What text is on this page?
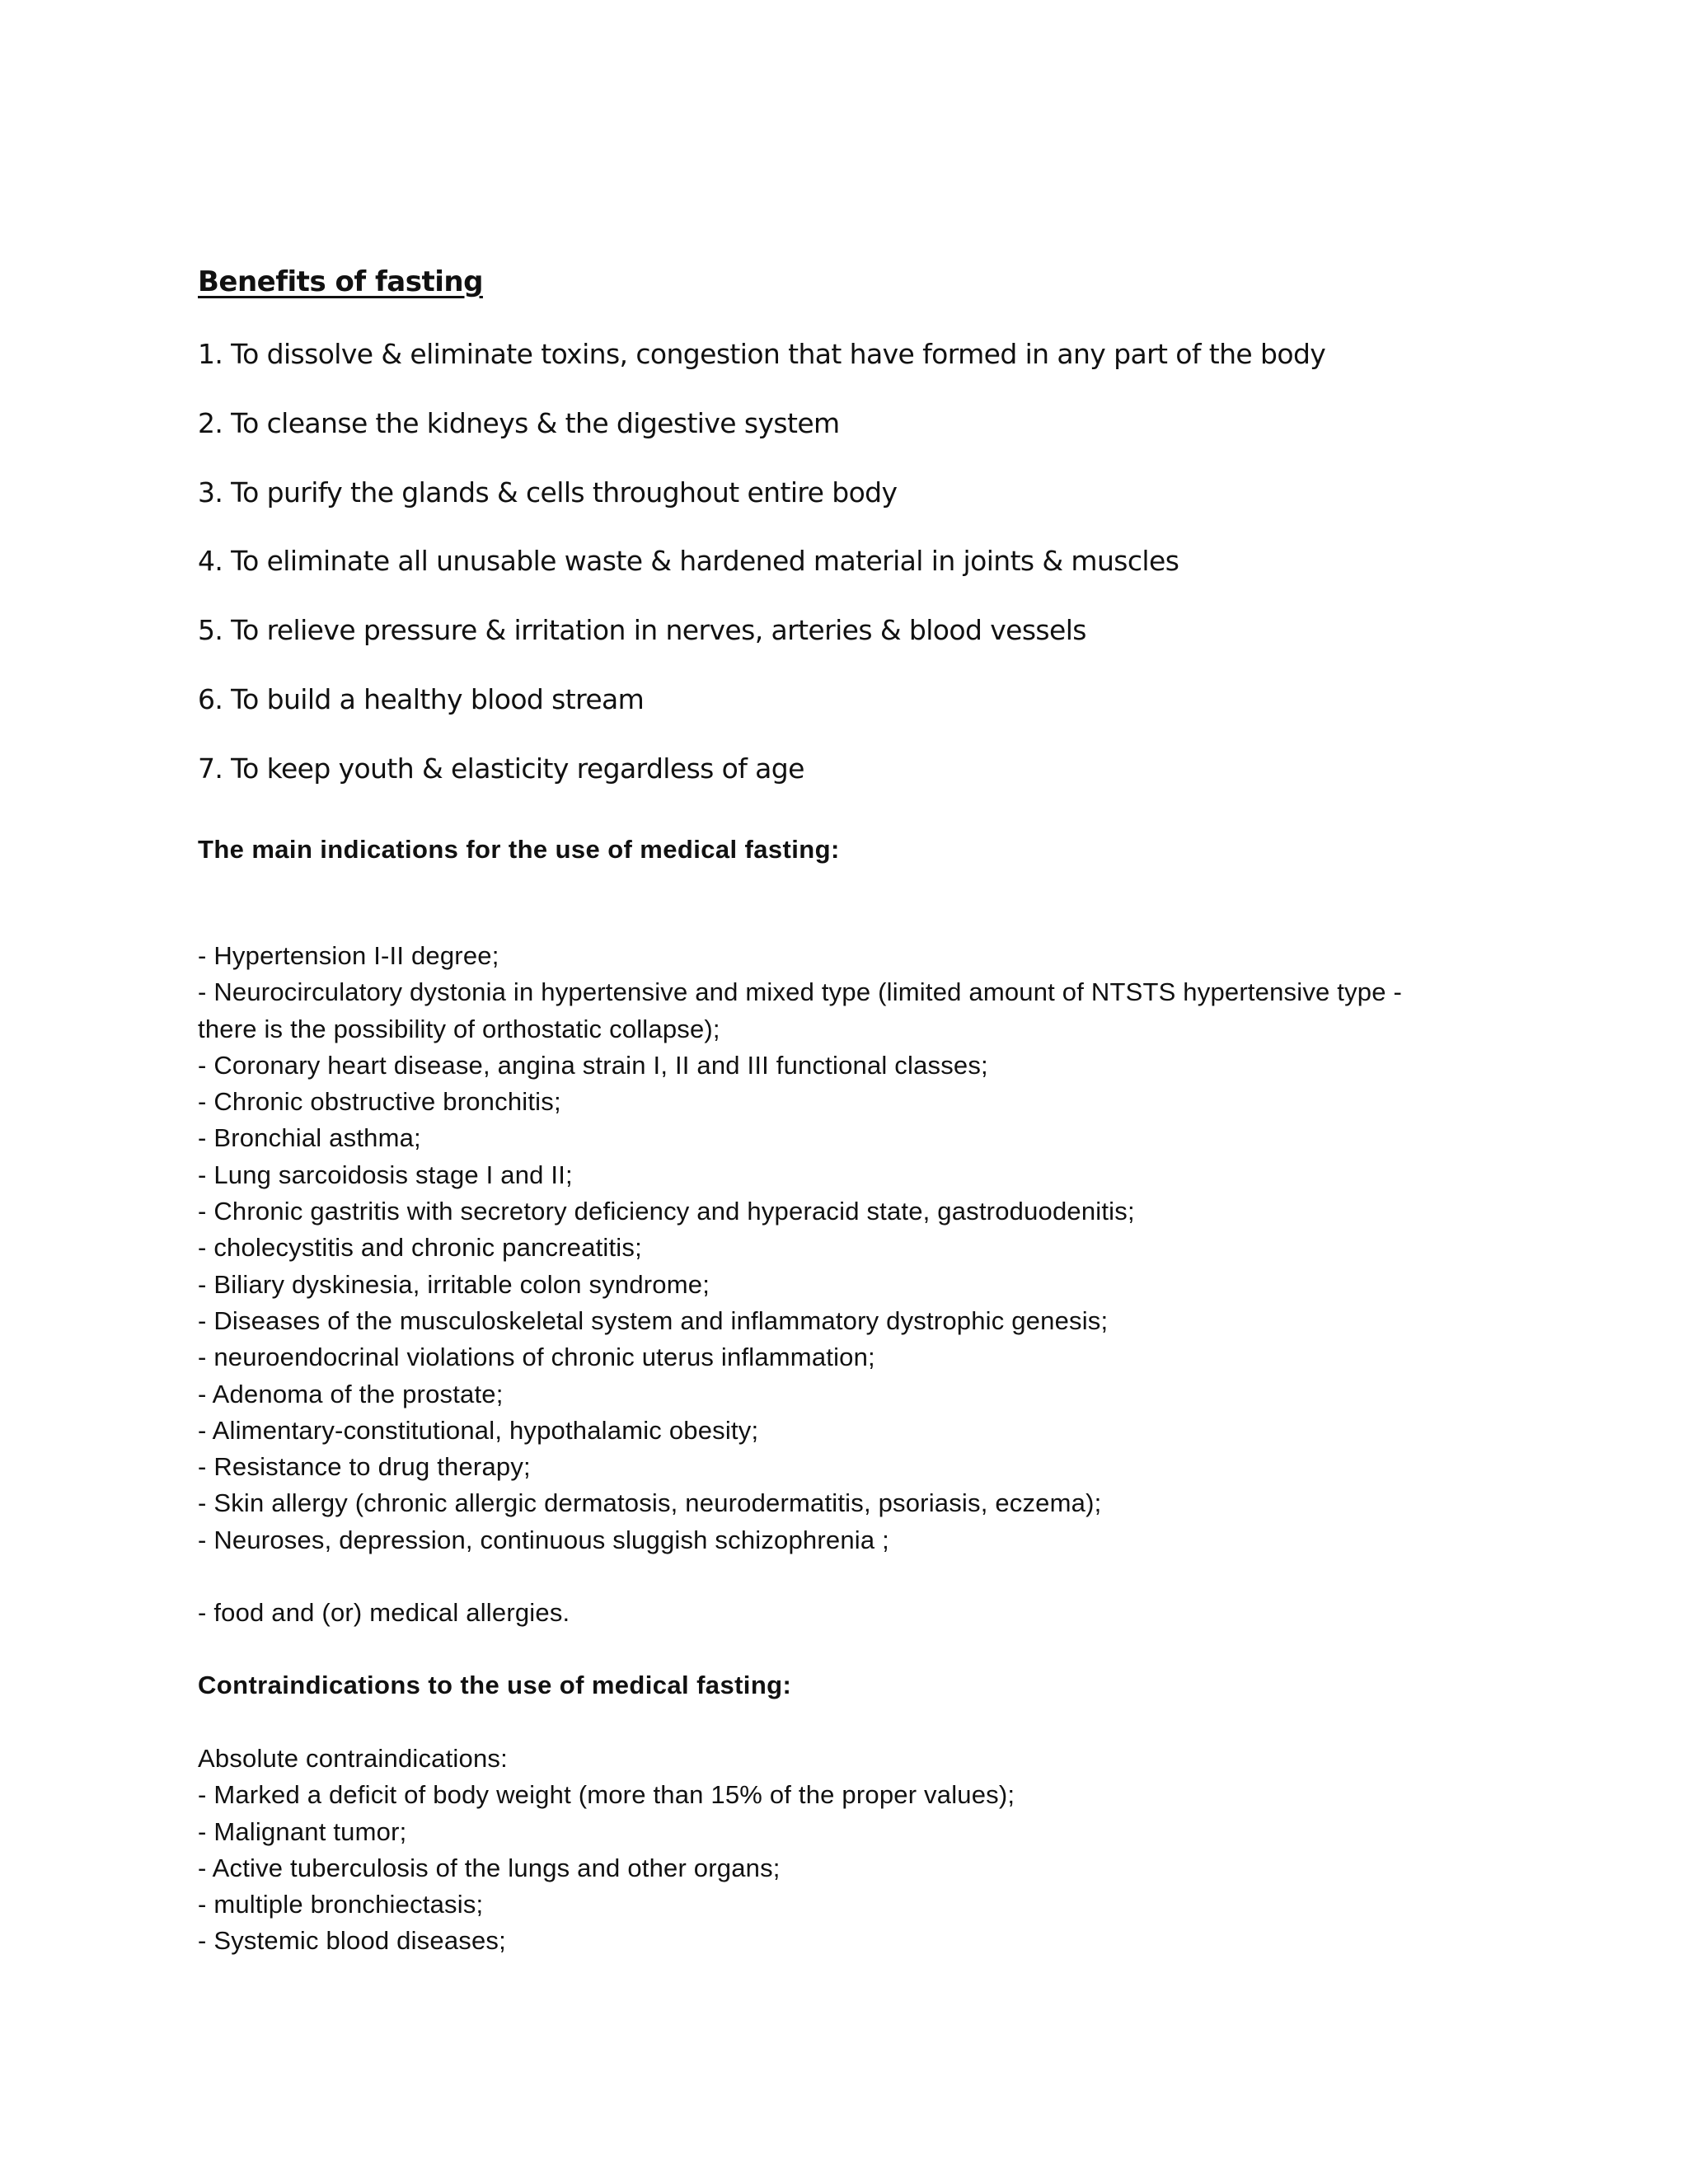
Benefits of fasting
1. To dissolve & eliminate toxins, congestion that have formed in any part of the body
2. To cleanse the kidneys & the digestive system
3. To purify the glands & cells throughout entire body
4. To eliminate all unusable waste & hardened material in joints & muscles
5. To relieve pressure & irritation in nerves, arteries & blood vessels
6. To build a healthy blood stream
7. To keep youth & elasticity regardless of age
The main indications for the use of medical fasting:
- Hypertension I-II degree;
- Neurocirculatory dystonia in hypertensive and mixed type (limited amount of NTSTS hypertensive type -
there is the possibility of orthostatic collapse);
- Coronary heart disease, angina strain I, II and III functional classes;
- Chronic obstructive bronchitis;
- Bronchial asthma;
- Lung sarcoidosis stage I and II;
- Chronic gastritis with secretory deficiency and hyperacid state, gastroduodenitis;
- cholecystitis and chronic pancreatitis;
- Biliary dyskinesia, irritable colon syndrome;
- Diseases of the musculoskeletal system and inflammatory dystrophic genesis;
- neuroendocrinal violations of chronic uterus inflammation;
- Adenoma of the prostate;
- Alimentary-constitutional, hypothalamic obesity;
- Resistance to drug therapy;
- Skin allergy (chronic allergic dermatosis, neurodermatitis, psoriasis, eczema);
- Neuroses, depression, continuous sluggish schizophrenia ;
- food and (or) medical allergies.
Contraindications to the use of medical fasting:
Absolute contraindications:
- Marked a deficit of body weight (more than 15% of the proper values);
- Malignant tumor;
- Active tuberculosis of the lungs and other organs;
- multiple bronchiectasis;
- Systemic blood diseases;
